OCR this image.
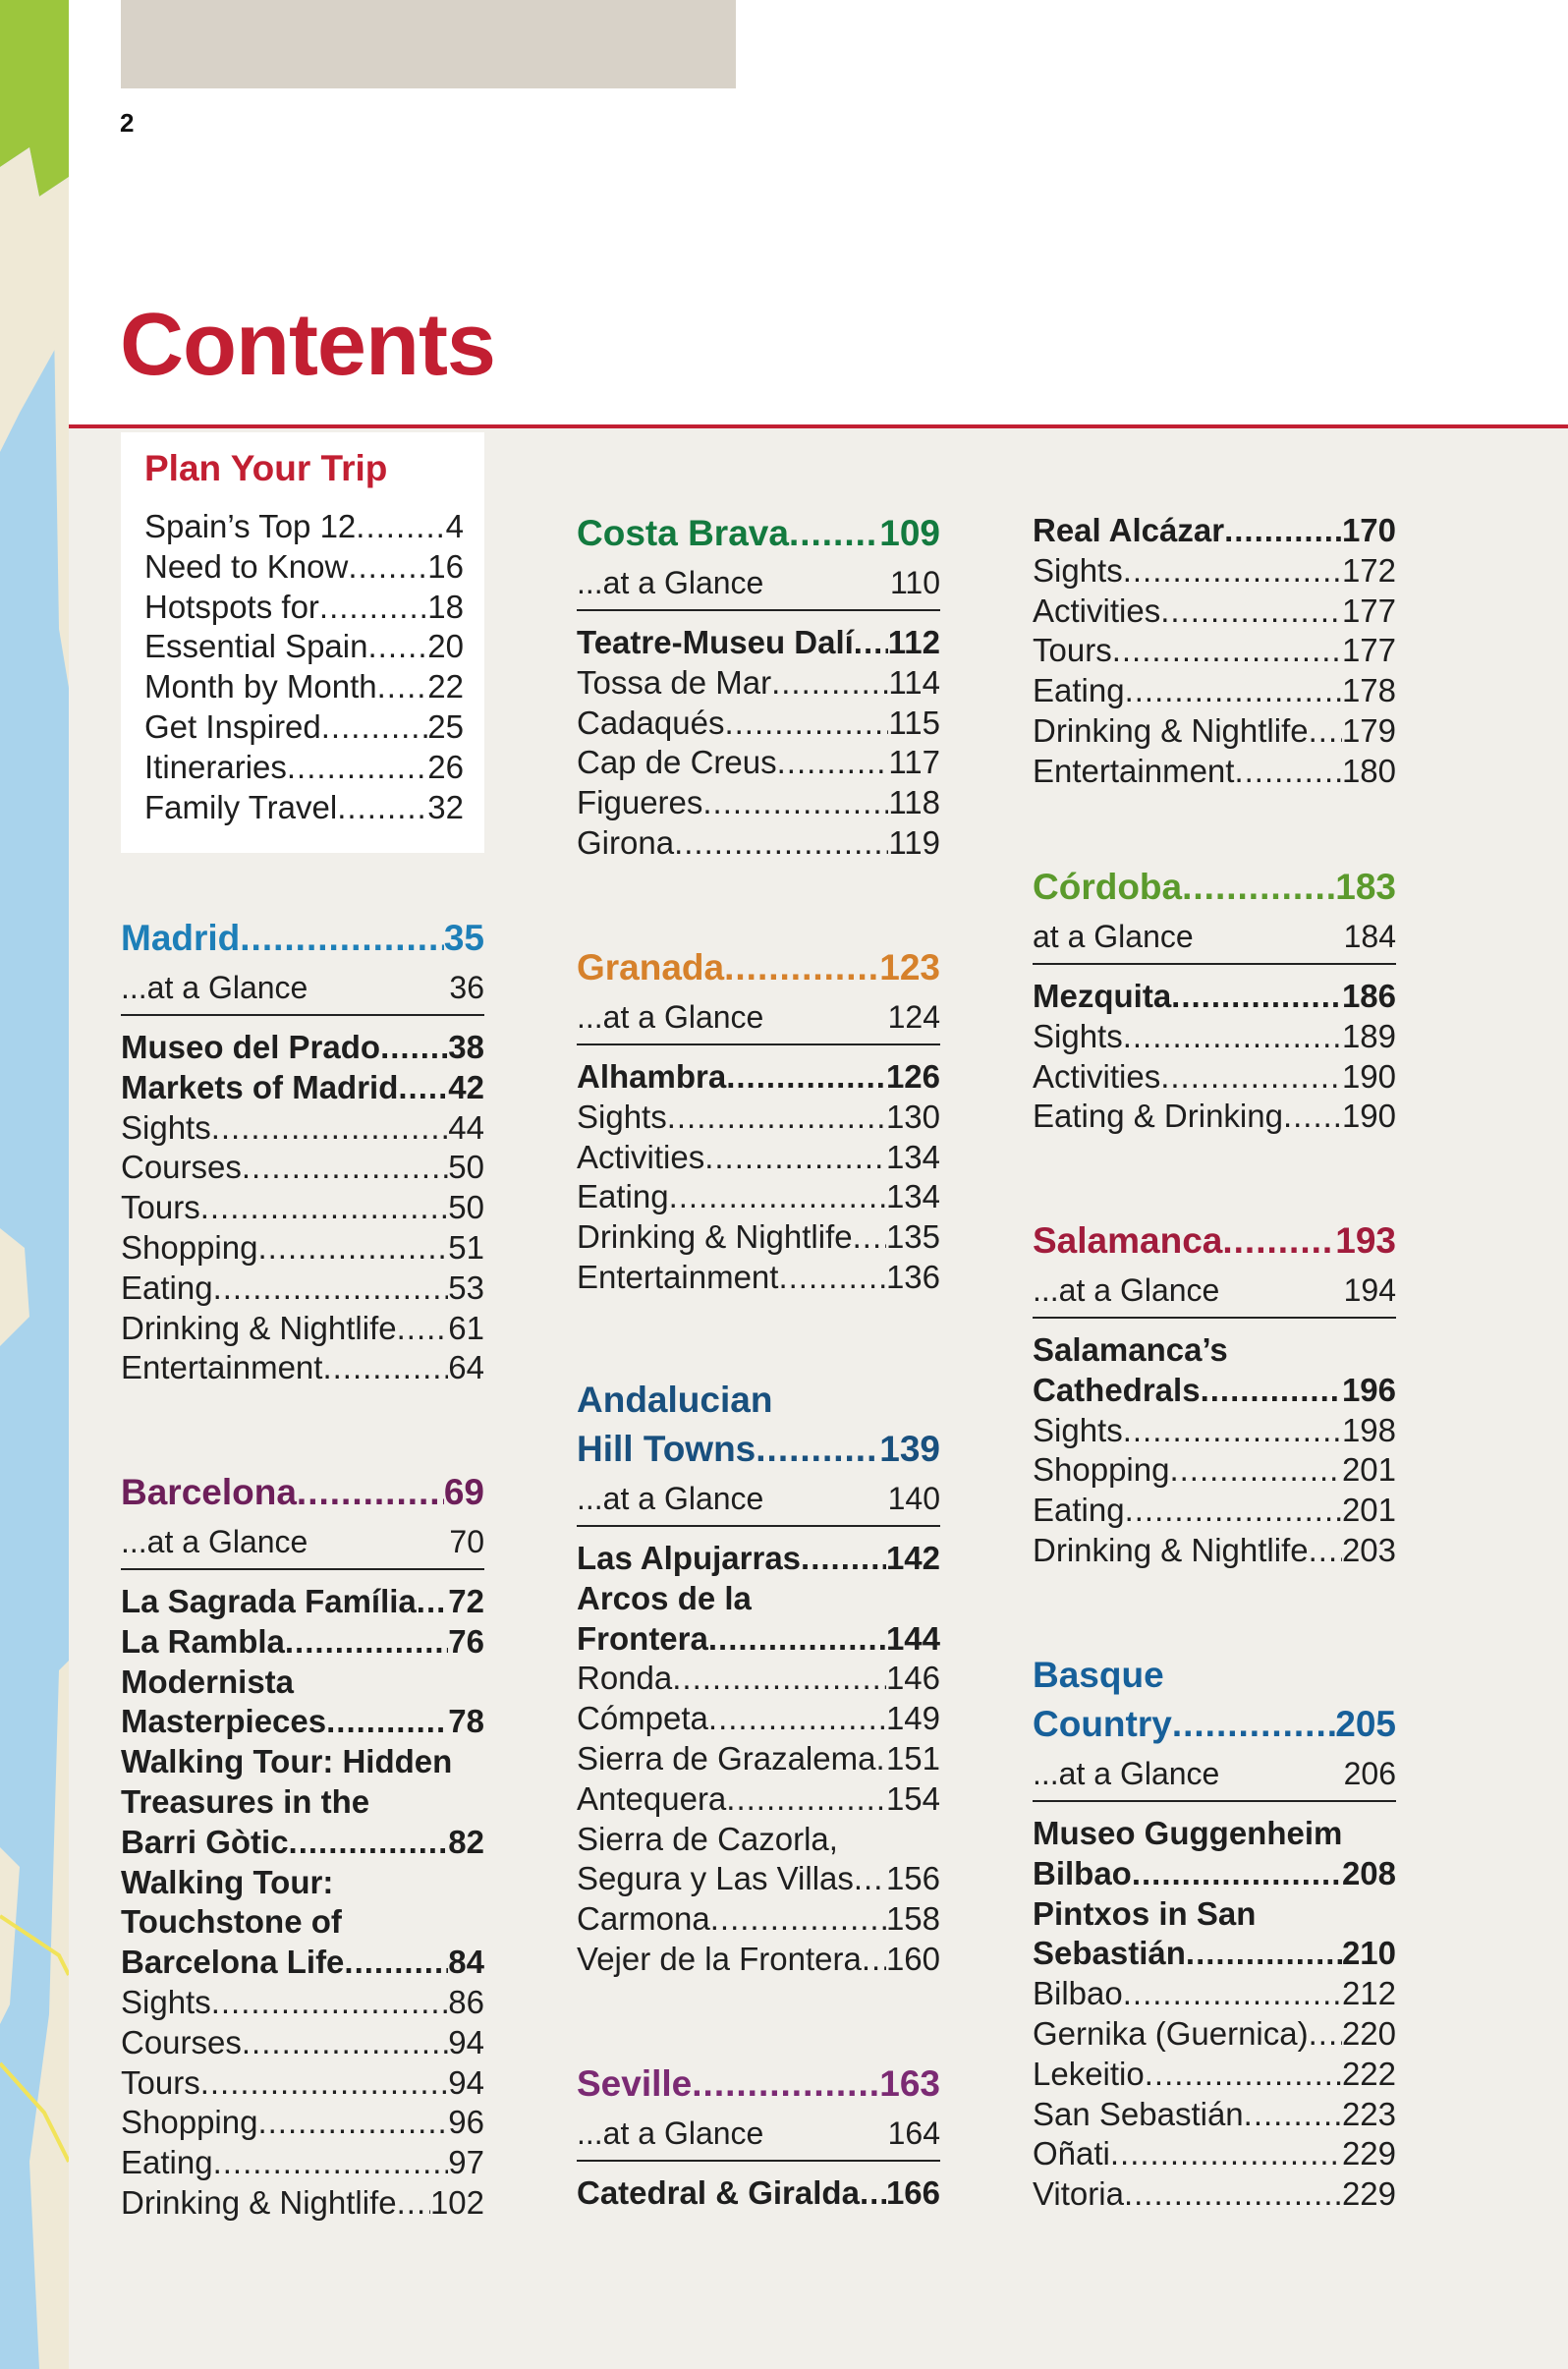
2
Contents
Plan Your Trip
Spain’s Top 12 .....	4
Need to Know ..... 16
Hotspots for .....	18
Essential Spain ..... 20
Month by Month ..... 22
Get Inspired .....	25
Itineraries .....	26
Family Travel .....	32
Madrid .....	35
...at a Glance	36
Museo del Prado ..... 38
Markets of Madrid ..... 42
Sights .....	44
Courses .....	50
Tours .....	50
Shopping .....	51
Eating .....	53
Drinking & Nightlife ..... 61
Entertainment .....	64
Barcelona .....	69
...at a Glance	70
La Sagrada Família ..... 72
La Rambla .....	76
Modernista
Masterpieces .....	78
Walking Tour: Hidden
Treasures in the
Barri Gòtic .....	82
Walking Tour:
Touchstone of
Barcelona Life .....	84
Sights .....	86
Courses .....	94
Tours .....	94
Shopping .....	96
Eating .....	97
Drinking & Nightlife ..... 102
Costa Brava ..... 109
...at a Glance	110
Teatre-Museu Dalí ..... 112
Tossa de Mar .....	114
Cadaqués .....	115
Cap de Creus .....	117
Figueres .....	118
Girona .....	119
Granada .....	123
...at a Glance	124
Alhambra .....	126
Sights .....	130
Activities .....	134
Eating .....	134
Drinking & Nightlife ..... 135
Entertainment .....	136
Andalucian
Hill Towns .....	139
...at a Glance	140
Las Alpujarras .....	142
Arcos de la
Frontera .....	144
Ronda .....	146
Cómpeta .....	149
Sierra de Grazalema ..... 151
Antequera .....	154
Sierra de Cazorla,
Segura y Las Villas ..... 156
Carmona .....	158
Vejer de la Frontera ..... 160
Seville .....	163
...at a Glance	164
Catedral & Giralda ..... 166
Real Alcázar .....	170
Sights .....	172
Activities .....	177
Tours .....	177
Eating .....	178
Drinking & Nightlife ..... 179
Entertainment .....	180
Córdoba .....	183
at a Glance	184
Mezquita .....	186
Sights .....	189
Activities .....	190
Eating & Drinking ..... 190
Salamanca .....	193
...at a Glance	194
Salamanca’s
Cathedrals .....	196
Sights .....	198
Shopping .....	201
Eating .....	201
Drinking & Nightlife ..... 203
Basque
Country .....	205
...at a Glance	206
Museo Guggenheim
Bilbao .....	208
Pintxos in San
Sebastián .....	210
Bilbao .....	212
Gernika (Guernica) ..... 220
Lekeitio .....	222
San Sebastián .....	223
Oñati .....	229
Vitoria .....	229
